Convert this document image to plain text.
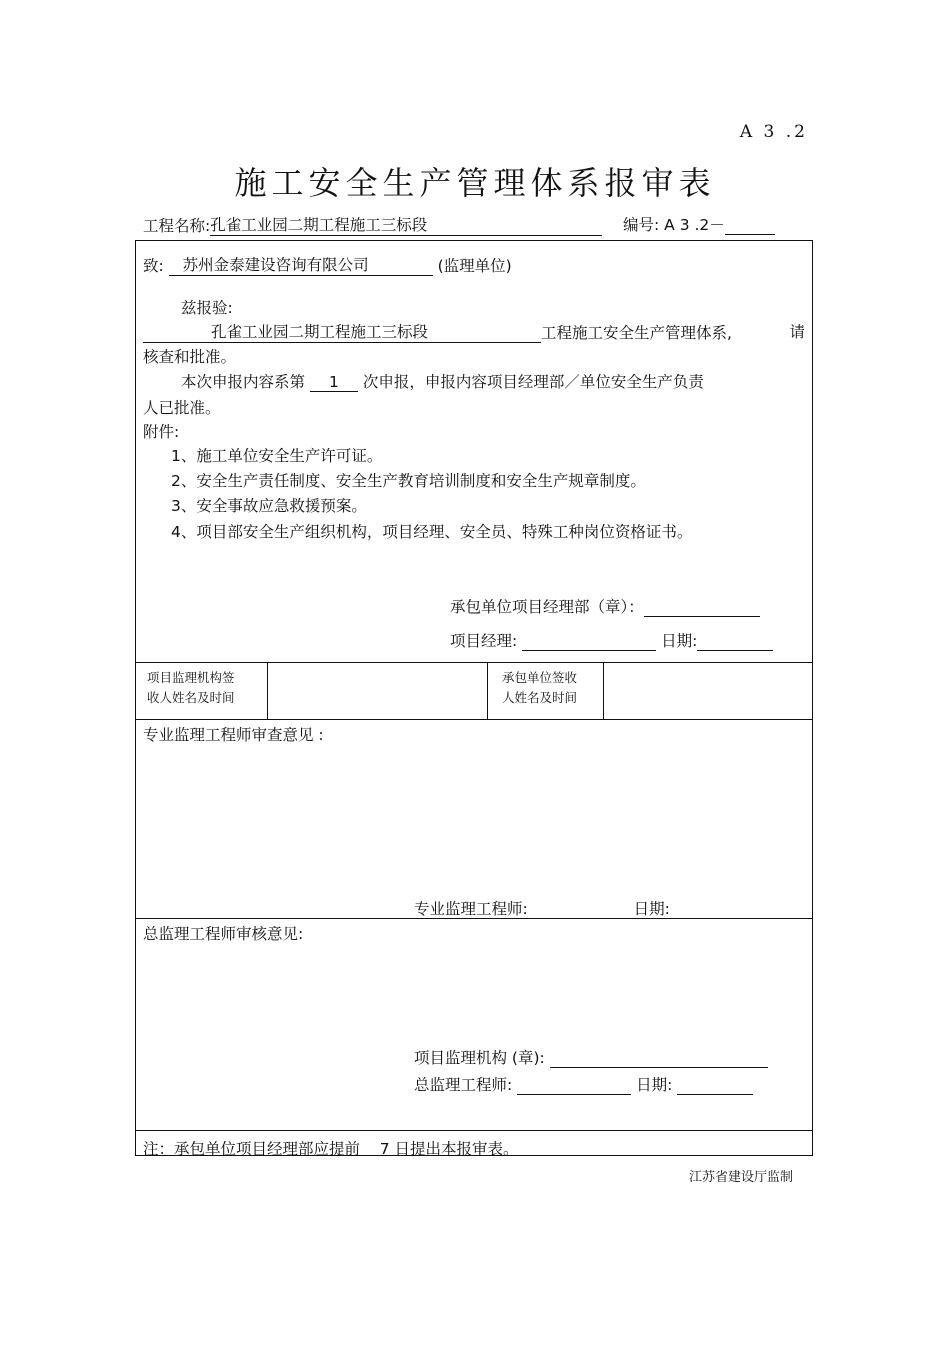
A 3 .2
施工安全生产管理体系报审表
工程名称:孔雀工业园二期工程施工三标段	编号: A 3 .2－
致: 苏州金泰建设咨询有限公司	(监理单位)
兹报验:
孔雀工业园二期工程施工三标段	工程施工安全生产管理体系,	请
核查和批准。
本次申报内容系第 1 次申报，申报内容项目经理部／单位安全生产负责
人已批准。
附件:
1、施工单位安全生产许可证。
2、安全生产责任制度、安全生产教育培训制度和安全生产规章制度。
3、安全事故应急救援预案。
4、项目部安全生产组织机构，项目经理、安全员、特殊工种岗位资格证书。
承包单位项目经理部（章）：
项目经理:	日期:
项目监理机构签
收人姓名及时间
承包单位签收
人姓名及时间
专业监理工程师审查意见 :
专业监理工程师:	日期:
总监理工程师审核意见:
项目监理机构 (章):
总监理工程师:	日期:
注：承包单位项目经理部应提前    7 日提出本报审表。
江苏省建设厅监制
